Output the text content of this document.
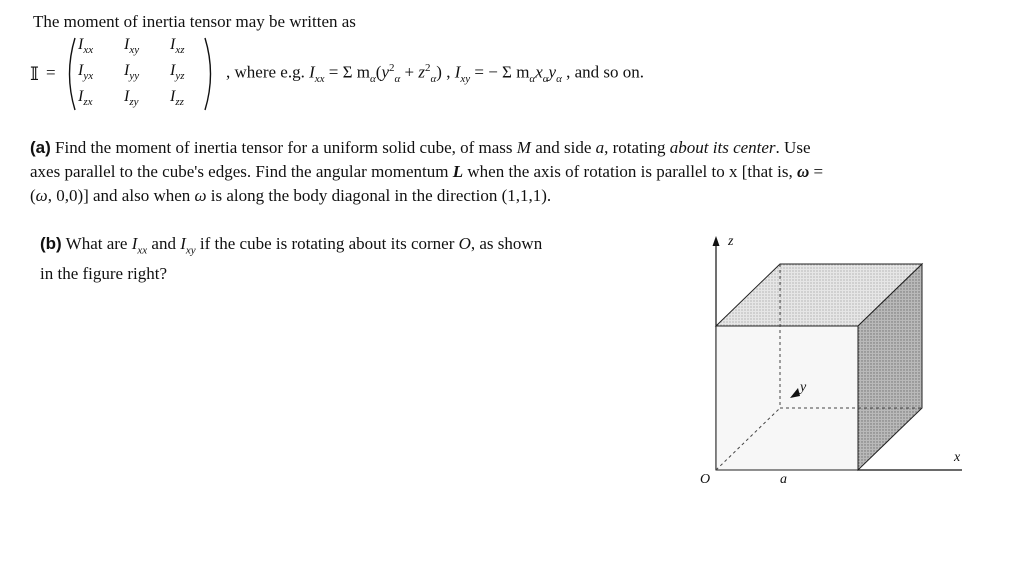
The moment of inertia tensor may be written as
𝕀 =
$I_{xx}$ $I_{xy}$ $I_{xz}$
$I_{yx}$ $I_{yy}$ $I_{yz}$
$I_{zx}$ $I_{zy}$ $I_{zz}$
, where e.g. $I_{xx} = \Sigma$ $m_\alpha(y^2_\alpha + z^2_\alpha)$ , $I_{xy}$ = − Σ $m_\alpha x_\alpha y_\alpha$ , and so on.
(a) Find the moment of inertia tensor for a uniform solid cube, of mass M and side a, rotating about its center. Use
axes parallel to the cube's edges. Find the angular momentum L when the axis of rotation is parallel to x [that is, ω =
(ω, 0,0)] and also when ω is along the body diagonal in the direction (1,1,1).
(b) What are $I_{xx}$ and $I_{xy}$ if the cube is rotating about its corner O, as shown
in the figure right?
z
y
x
O	a
